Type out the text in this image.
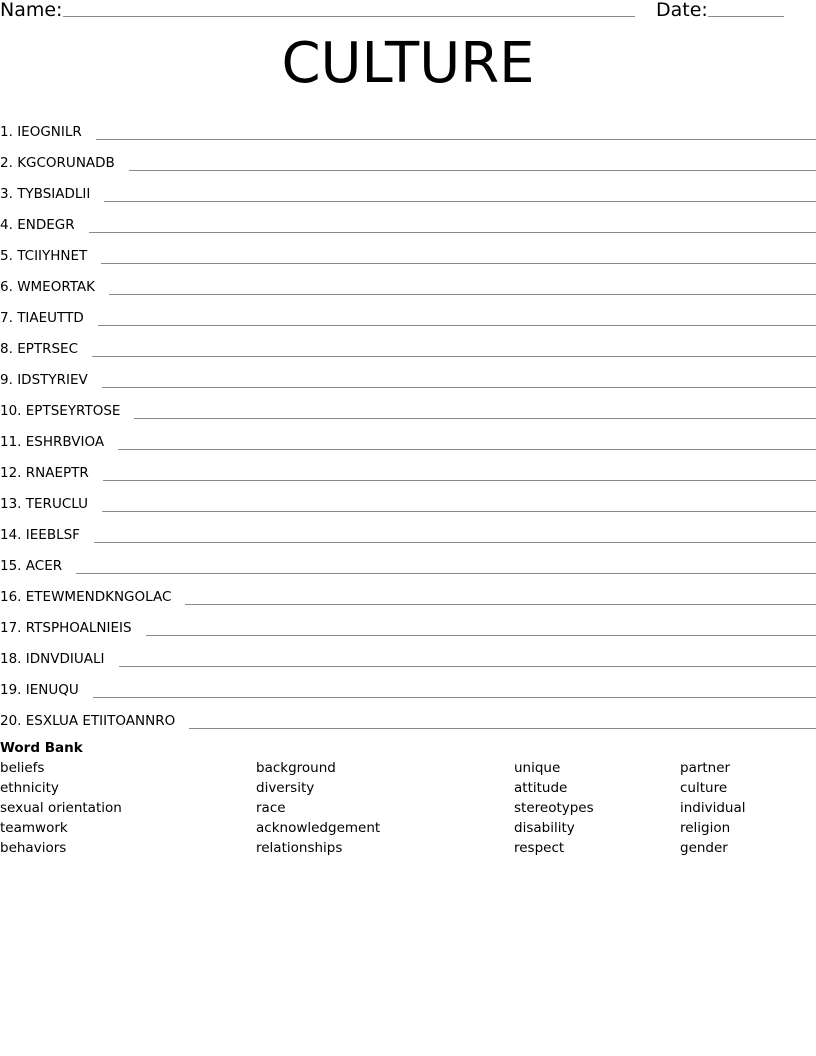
Name:	Date:
CULTURE
1. IEOGNILR
2. KGCORUNADB
3. TYBSIADLII
4. ENDEGR
5. TCIIYHNET
6. WMEORTAK
7. TIAEUTTD
8. EPTRSEC
9. IDSTYRIEV
10. EPTSEYRTOSE
11. ESHRBVIOA
12. RNAEPTR
13. TERUCLU
14. IEEBLSF
15. ACER
16. ETEWMENDKNGOLAC
17. RTSPHOALNIEIS
18. IDNVDIUALI
19. IENUQU
20. ESXLUA ETIITOANNRO
Word Bank
beliefs
ethnicity
sexual orientation
teamwork
behaviors
background
diversity
race
acknowledgement
relationships
unique
attitude
stereotypes
disability
respect
partner
culture
individual
religion
gender
